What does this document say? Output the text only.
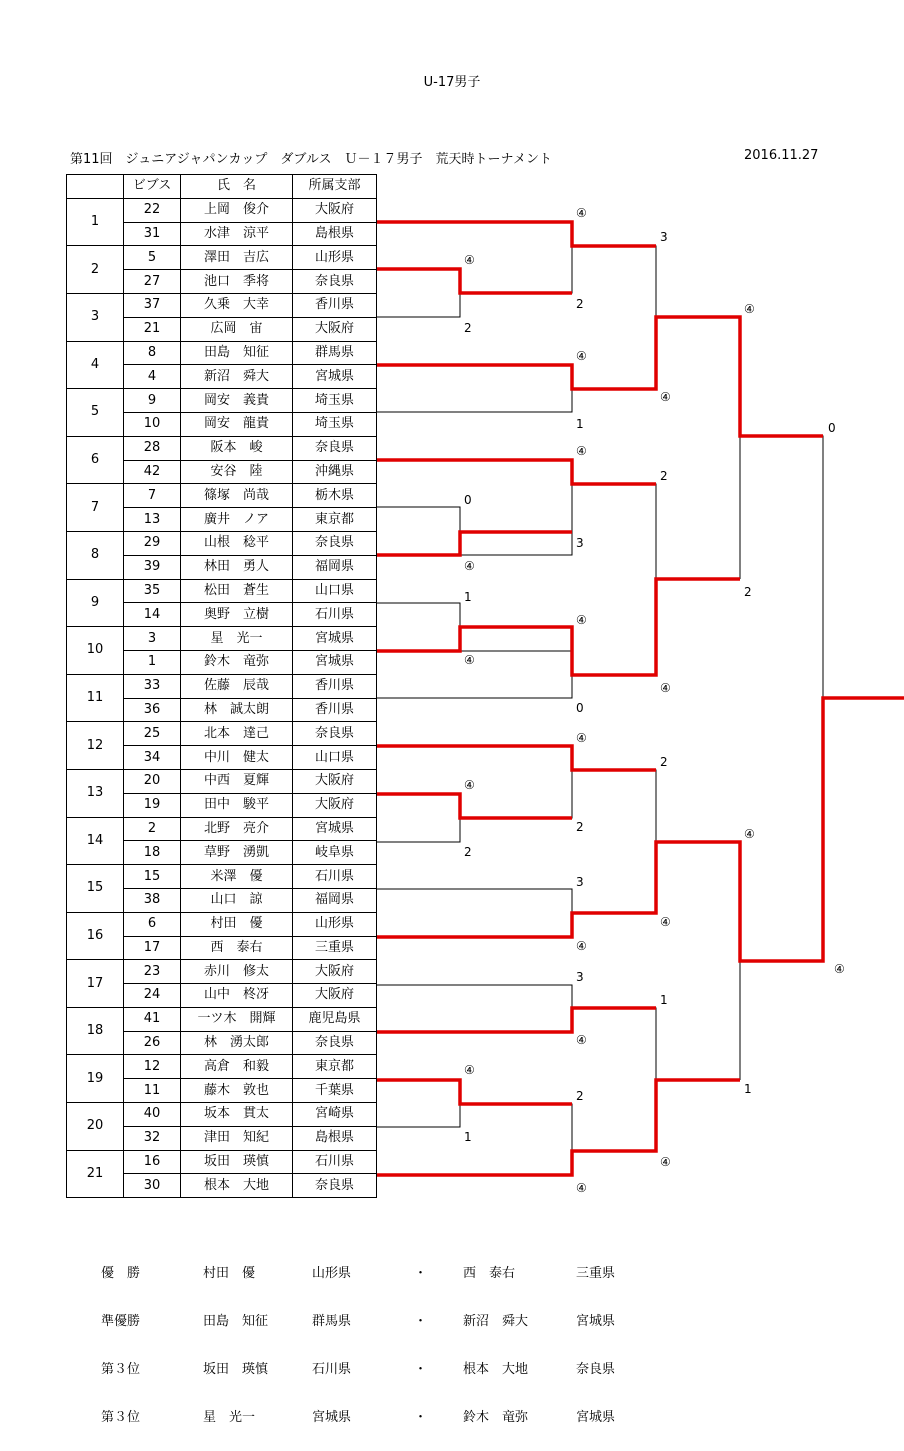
U-17男子
第11回　ジュニアジャパンカップ　ダブルス　Ｕ－１７男子　荒天時トーナメント	2016.11.27
	ビブス	氏　名	所属支部
1	22	上岡　俊介	大阪府
	31	水津　涼平	島根県
2	5	澤田　吉広	山形県
	27	池口　季将	奈良県
3	37	久乗　大幸	香川県
	21	広岡　宙	大阪府
4	8	田島　知征	群馬県
	4	新沼　舜大	宮城県
5	9	岡安　義貴	埼玉県
	10	岡安　龍貴	埼玉県
6	28	阪本　峻	奈良県
	42	安谷　陸	沖縄県
7	7	篠塚　尚哉	栃木県
	13	廣井　ノア	東京都
8	29	山根　稔平	奈良県
	39	林田　勇人	福岡県
9	35	松田　蒼生	山口県
	14	奥野　立樹	石川県
10	3	星　光一	宮城県
	1	鈴木　竜弥	宮城県
11	33	佐藤　辰哉	香川県
	36	林　誠太朗	香川県
12	25	北本　達己	奈良県
	34	中川　健太	山口県
13	20	中西　夏輝	大阪府
	19	田中　駿平	大阪府
14	2	北野　亮介	宮城県
	18	草野　湧凱	岐阜県
15	15	米澤　優	石川県
	38	山口　諒	福岡県
16	6	村田　優	山形県
	17	西　泰右	三重県
17	23	赤川　修太	大阪府
	24	山中　柊冴	大阪府
18	41	一ツ木　開輝	鹿児島県
	26	林　湧太郎	奈良県
19	12	高倉　和毅	東京都
	11	藤木　敦也	千葉県
20	40	坂本　貫太	宮崎県
	32	津田　知紀	島根県
21	16	坂田　瑛慎	石川県
	30	根本　大地	奈良県
④
3
④
2
2
④
④
1
④
2
0
3
④
④
1
④
④
0
④
2
④
2
2
3
④
④
3
1
④
④
2
1
④
④
④
④
0
2
1
④
優　勝	村田　優	山形県	・	西　泰右	三重県
準優勝	田島　知征	群馬県	・	新沼　舜大	宮城県
第３位	坂田　瑛慎	石川県	・	根本　大地	奈良県
第３位	星　光一	宮城県	・	鈴木　竜弥	宮城県
